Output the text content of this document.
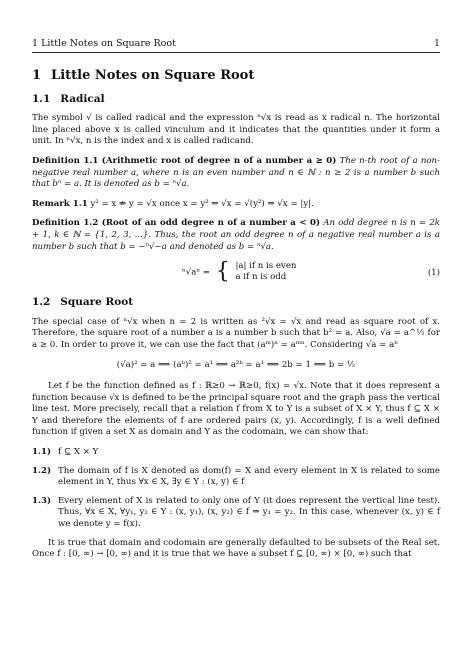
1 Little Notes on Square Root	1
1 Little Notes on Square Root
1.1 Radical

The symbol √ is called radical and the expression ⁿ√x is read as x radical n. The horizontal line placed above x is called vinculum and it indicates that the quantities under it form a unit. In ⁿ√x, n is the index and x is called radicand.

Definition 1.1 (Arithmetic root of degree n of a number a ≥ 0) The n-th root of a non-negative real number a, where n is an even number and n ∈ ℕ : n ≥ 2 is a number b such that bⁿ = a. It is denoted as b = ⁿ√a.
Remark 1.1 y² = x ⇏ y = √x once x = y² ⇒ √x = √(y²) ⇒ √x = |y|.
Definition 1.2 (Root of an odd degree n of a number a < 0) An odd degree n is n = 2k + 1, k ∈ ℕ = {1, 2, 3, ...}. Thus, the root an odd degree n of a negative real number a is a number b such that b = −ⁿ√−a and denoted as b = ⁿ√a.
ⁿ√aⁿ = { |a| if n is even
a if n is odd	(1)
1.2 Square Root

The special case of ⁿ√x when n = 2 is written as ²√x = √x and read as square root of x. Therefore, the square root of a number a is a number b such that b² = a. Also, √a = a^½ for a ≥ 0. In order to prove it, we can use the fact that (aᵐ)ⁿ = aᵐⁿ. Considering √a = aᵇ

(√a)² = a ⟺ (aᵇ)² = a¹ ⟺ a²ᵇ = a¹ ⟺ 2b = 1 ⟺ b = ½

Let f be the function defined as f : ℝ≥0 → ℝ≥0, f(x) = √x. Note that it does represent a function because √x is defined to be the principal square root and the graph pass the vertical line test. More precisely, recall that a relation f from X to Y is a subset of X × Y, thus f ⊆ X × Y and therefore the elements of f are ordered pairs (x, y). Accordingly, f is a well defined function if given a set X as domain and Y as the codomain, we can show that:

1.1) f ⊆ X × Y
1.2) The domain of f is X denoted as dom(f) = X and every element in X is related to some element in Y, thus ∀x ∈ X, ∃y ∈ Y : (x, y) ∈ f
1.3) Every element of X is related to only one of Y (it does represent the vertical line test). Thus, ∀x ∈ X, ∀y₁, y₂ ∈ Y : (x, y₁), (x, y₂) ∈ f ⇒ y₁ = y₂. In this case, whenever (x, y) ∈ f we denote y = f(x).

It is true that domain and codomain are generally defaulted to be subsets of the Real set. Once f : [0, ∞) → [0, ∞) and it is true that we have a subset f ⊆ [0, ∞) × [0, ∞) such that
